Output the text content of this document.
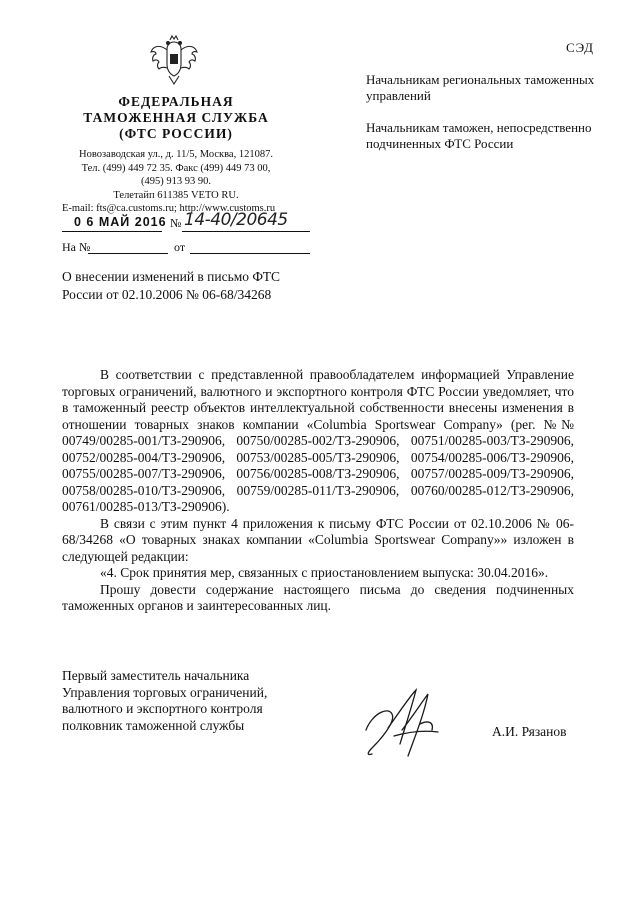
СЭД
ФЕДЕРАЛЬНАЯ
ТАМОЖЕННАЯ СЛУЖБА
(ФТС РОССИИ)
Новозаводская ул., д. 11/5, Москва, 121087.
Тел. (499) 449 72 35. Факс (499) 449 73 00,
(495) 913 93 90.
Телетайп 611385 VETO RU.
E-mail: fts@ca.customs.ru; http://www.customs.ru
0 6 МАЙ 2016 № 14-40/20645
На №	от

Начальникам региональных таможенных управлений

Начальникам таможен, непосредственно подчиненных ФТС России

О внесении изменений в письмо ФТС России от 02.10.2006 № 06-68/34268

В соответствии с представленной правообладателем информацией Управление торговых ограничений, валютного и экспортного контроля ФТС России уведомляет, что в таможенный реестр объектов интеллектуальной собственности внесены изменения в отношении товарных знаков компании «Columbia Sportswear Company» (рег. №№ 00749/00285-001/ТЗ-290906, 00750/00285-002/ТЗ-290906, 00751/00285-003/ТЗ-290906, 00752/00285-004/ТЗ-290906, 00753/00285-005/ТЗ-290906, 00754/00285-006/ТЗ-290906, 00755/00285-007/ТЗ-290906, 00756/00285-008/ТЗ-290906, 00757/00285-009/ТЗ-290906, 00758/00285-010/ТЗ-290906, 00759/00285-011/ТЗ-290906, 00760/00285-012/ТЗ-290906, 00761/00285-013/ТЗ-290906).

В связи с этим пункт 4 приложения к письму ФТС России от 02.10.2006 № 06-68/34268 «О товарных знаках компании «Columbia Sportswear Company»» изложен в следующей редакции:

«4. Срок принятия мер, связанных с приостановлением выпуска: 30.04.2016».

Прошу довести содержание настоящего письма до сведения подчиненных таможенных органов и заинтересованных лиц.

Первый заместитель начальника
Управления торговых ограничений,
валютного и экспортного контроля
полковник таможенной службы	А.И. Рязанов
